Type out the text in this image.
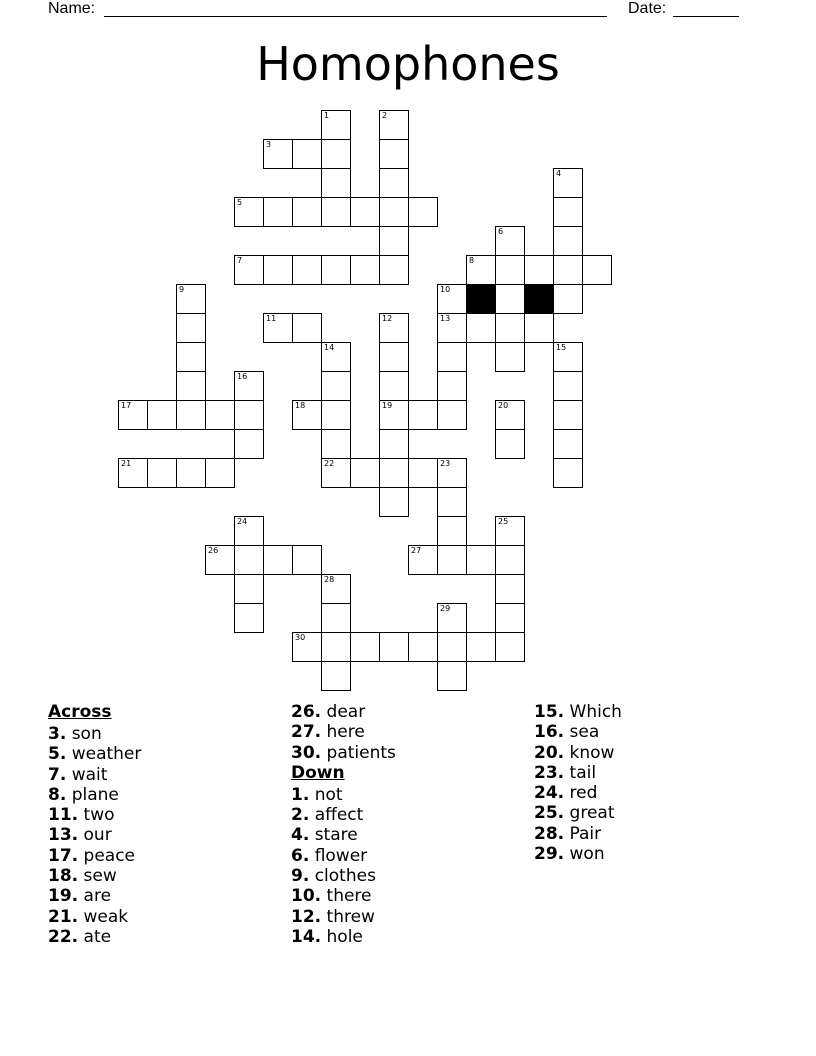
Name:	Date:
Homophones
1	2
3
4
5
6
7	8
9	10
11	12	13
14	15
16
17	18	19	20
21	22	23
24	25
26	27
28
29
30
Across
3. son
5. weather
7. wait
8. plane
11. two
13. our
17. peace
18. sew
19. are
21. weak
22. ate
26. dear
27. here
30. patients
Down
1. not
2. affect
4. stare
6. flower
9. clothes
10. there
12. threw
14. hole
15. Which
16. sea
20. know
23. tail
24. red
25. great
28. Pair
29. won
